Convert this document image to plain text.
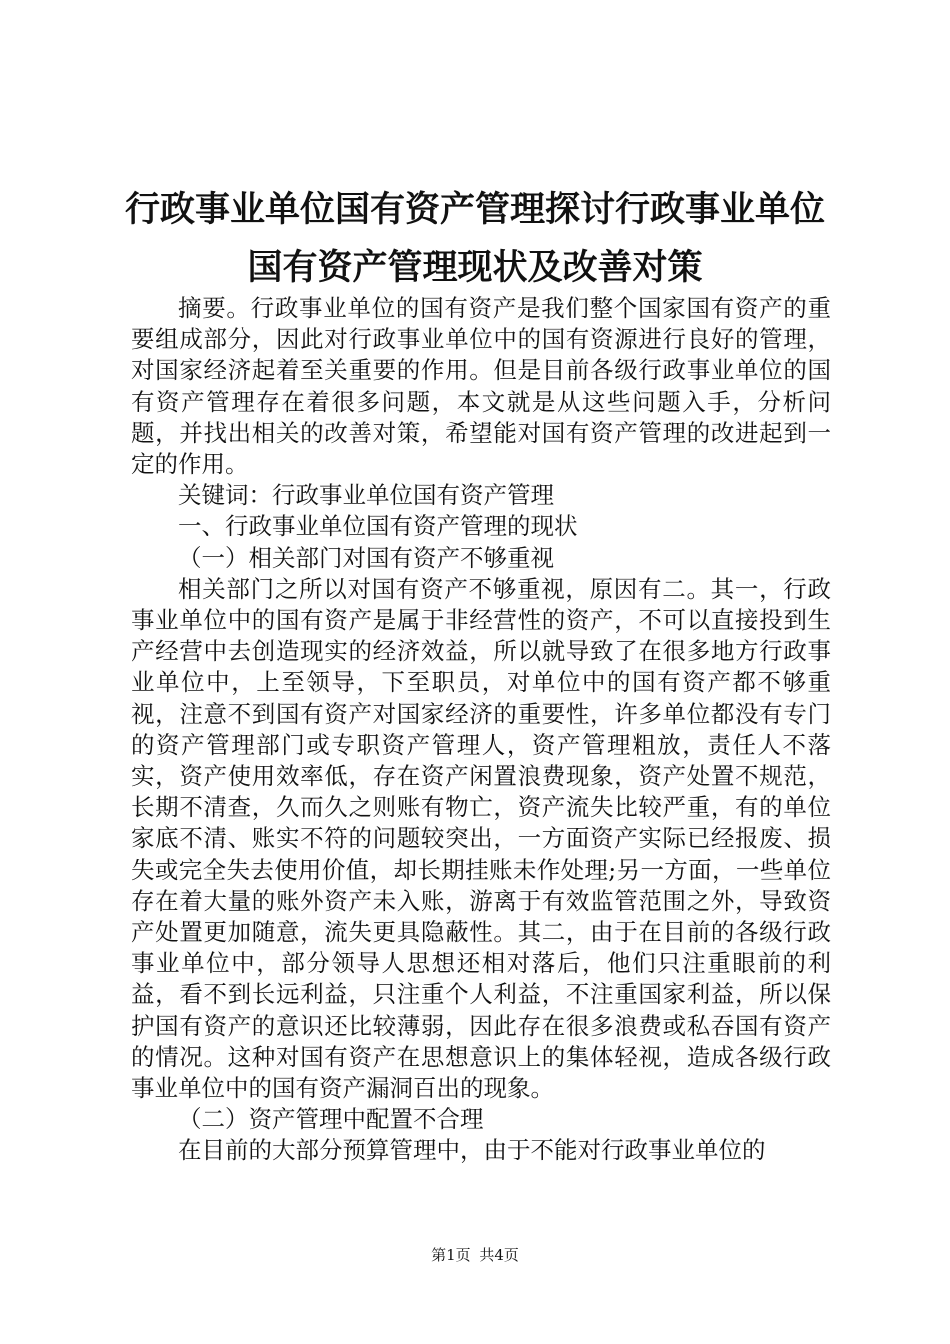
行政事业单位国有资产管理探讨行政事业单位
国有资产管理现状及改善对策

摘要。行政事业单位的国有资产是我们整个国家国有资产的重要组成部分，因此对行政事业单位中的国有资源进行良好的管理，对国家经济起着至关重要的作用。但是目前各级行政事业单位的国有资产管理存在着很多问题，本文就是从这些问题入手，分析问题，并找出相关的改善对策，希望能对国有资产管理的改进起到一定的作用。

关键词：行政事业单位国有资产管理

一、行政事业单位国有资产管理的现状

（一）相关部门对国有资产不够重视

相关部门之所以对国有资产不够重视，原因有二。其一，行政事业单位中的国有资产是属于非经营性的资产，不可以直接投到生产经营中去创造现实的经济效益，所以就导致了在很多地方行政事业单位中，上至领导，下至职员，对单位中的国有资产都不够重视，注意不到国有资产对国家经济的重要性，许多单位都没有专门的资产管理部门或专职资产管理人，资产管理粗放，责任人不落实，资产使用效率低，存在资产闲置浪费现象，资产处置不规范，长期不清查，久而久之则账有物亡，资产流失比较严重，有的单位家底不清、账实不符的问题较突出，一方面资产实际已经报废、损失或完全失去使用价值，却长期挂账未作处理;另一方面，一些单位存在着大量的账外资产未入账，游离于有效监管范围之外，导致资产处置更加随意，流失更具隐蔽性。其二，由于在目前的各级行政事业单位中，部分领导人思想还相对落后，他们只注重眼前的利益，看不到长远利益，只注重个人利益，不注重国家利益，所以保护国有资产的意识还比较薄弱，因此存在很多浪费或私吞国有资产的情况。这种对国有资产在思想意识上的集体轻视，造成各级行政事业单位中的国有资产漏洞百出的现象。

（二）资产管理中配置不合理

在目前的大部分预算管理中，由于不能对行政事业单位的

第1页 共4页
